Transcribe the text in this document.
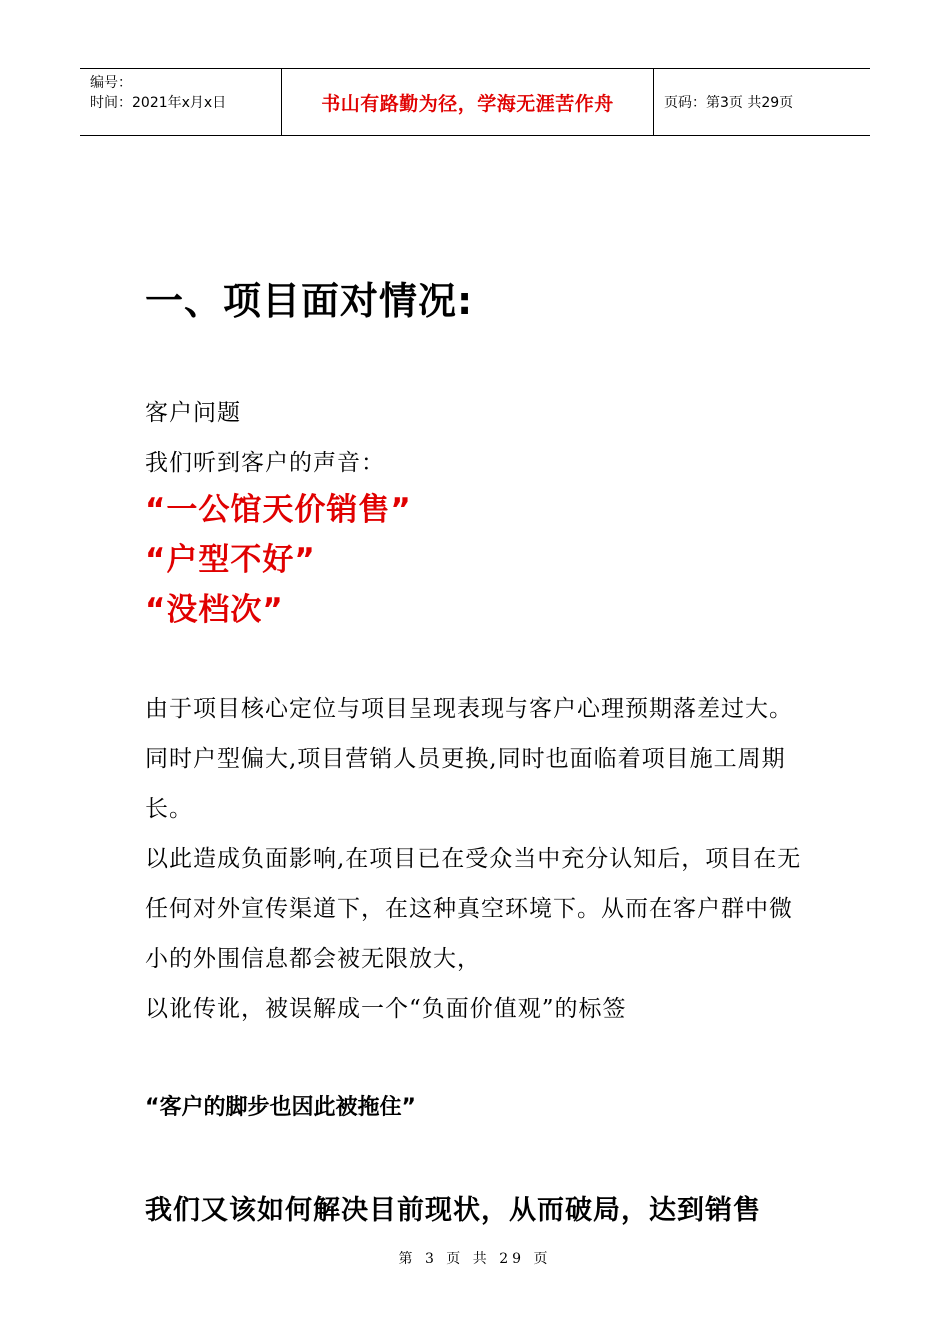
编号：
时间：2021年x月x日	书山有路勤为径，学海无涯苦作舟	页码：第3页 共29页
一、项目面对情况:

客户问题

我们听到客户的声音：

“一公馆天价销售”
“户型不好”
“没档次”

由于项目核心定位与项目呈现表现与客户心理预期落差过大。

同时户型偏大,项目营销人员更换,同时也面临着项目施工周期长。

以此造成负面影响,在项目已在受众当中充分认知后，项目在无任何对外宣传渠道下，在这种真空环境下。从而在客户群中微小的外围信息都会被无限放大，

以讹传讹，被误解成一个“负面价值观”的标签

“客户的脚步也因此被拖住”
我们又该如何解决目前现状，从而破局，达到销售
第 3 页 共 29 页
